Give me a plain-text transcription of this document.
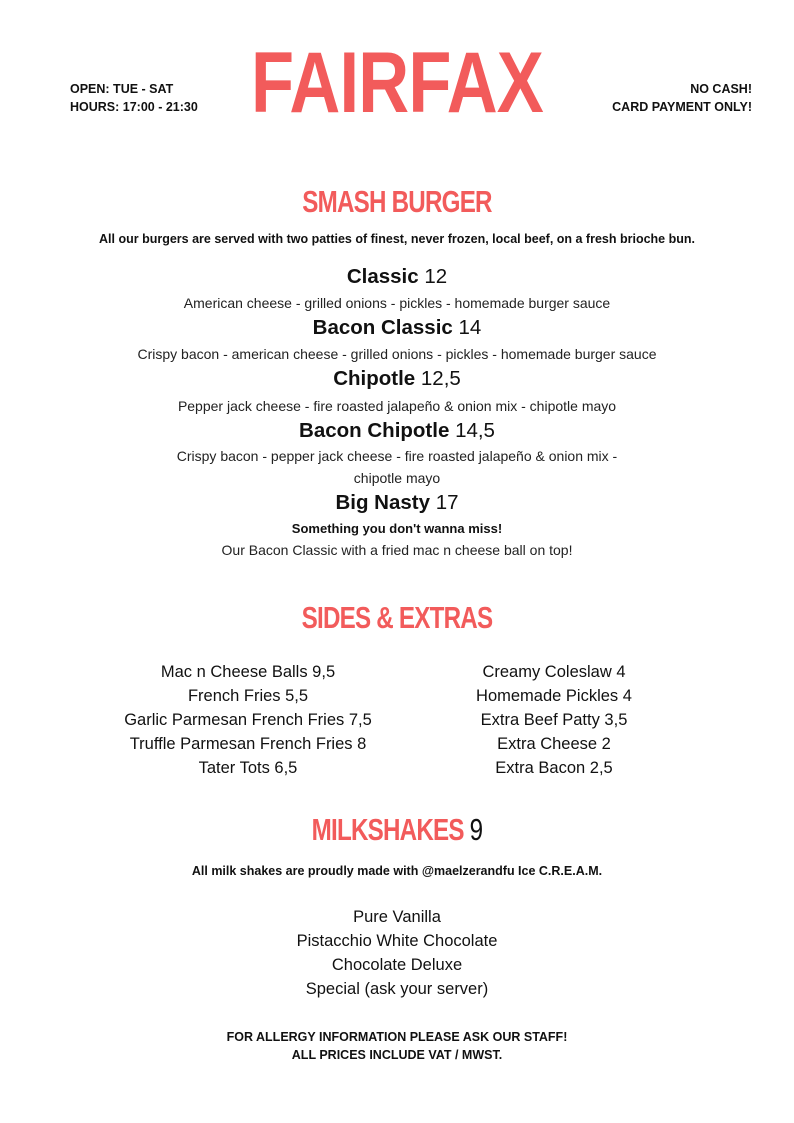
OPEN: TUE - SAT
HOURS: 17:00 - 21:30 FAIRFAX	NO CASH!
CARD PAYMENT ONLY!
SMASH BURGER
All our burgers are served with two patties of finest, never frozen, local beef, on a fresh brioche bun.
Classic 12
American cheese - grilled onions - pickles - homemade burger sauce
Bacon Classic 14
Crispy bacon - american cheese - grilled onions - pickles - homemade burger sauce
Chipotle 12,5
Pepper jack cheese - fire roasted jalapeño & onion mix - chipotle mayo
Bacon Chipotle 14,5
Crispy bacon - pepper jack cheese - fire roasted jalapeño & onion mix -
chipotle mayo
Big Nasty 17
Something you don't wanna miss!
Our Bacon Classic with a fried mac n cheese ball on top!
SIDES & EXTRAS
Mac n Cheese Balls 9,5
French Fries 5,5
Garlic Parmesan French Fries 7,5
Truffle Parmesan French Fries 8
Tater Tots 6,5
Creamy Coleslaw 4
Homemade Pickles 4
Extra Beef Patty 3,5
Extra Cheese 2
Extra Bacon 2,5
MILKSHAKES 9
All milk shakes are proudly made with @maelzerandfu Ice C.R.E.A.M.
Pure Vanilla
Pistacchio White Chocolate
Chocolate Deluxe
Special (ask your server)
FOR ALLERGY INFORMATION PLEASE ASK OUR STAFF!
ALL PRICES INCLUDE VAT / MWST.
